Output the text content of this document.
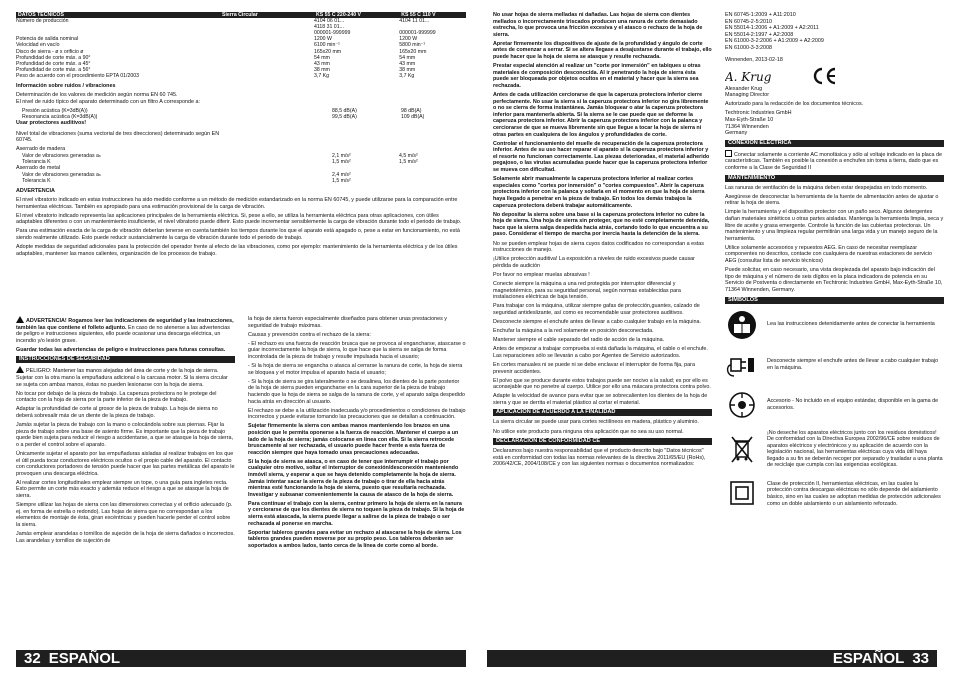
DATOS TÉCNICOS	Sierra Circular	KS 55 C 220-240 V	KS 55 C 110 V
Número de producción		4104 06 01...	4104 11 01...
		4118 31 01...	
		000001-999999	000001-999999
Potencia de salida nominal		1200 W	1200 W
Velocidad en vacío		6100 min⁻¹	5800 min⁻¹
Disco de sierra - ø x orificio ø		165x20 mm	165x20 mm
Profundidad de corte máx. a 90°		54 mm	54 mm
Profundidad de corte máx. a 45°		43 mm	43 mm
Profundidad de corte máx. a 56°		38 mm	38 mm
Peso de acuerdo con el procedimiento EPTA 01/2003		3,7 Kg	3,7 Kg

Información sobre ruidos / vibraciones

Determinación de los valores de medición según norma EN 60 745.
El nivel de ruido típico del aparato determinado con un filtro A corresponde a:

Presión acústica (K=3dB(A))		88,5 dB(A)	98 dB(A)
Resonancia acústica (K=3dB(A))		99,5 dB(A)	109 dB(A)

Usar protectores auditivos!

Nivel total de vibraciones (suma vectorial de tres direcciones) determinado según EN 60745.

Aserrado de madera

Valor de vibraciones generadas aₕ		2,1 m/s²	4,5 m/s²
Tolerancia K		1,5 m/s²	1,5 m/s²

Aserrado de metal

Valor de vibraciones generadas aₕ		2,4 m/s²	
Tolerancia K		1,5 m/s²	

ADVERTENCIA

El nivel vibratorio indicado en estas instrucciones ha sido medido conforme a un método de medición estandarizado en la norma EN 60745, y puede utilizarse para la comparación entre herramientas eléctricas. También es apropiado para una estimación provisional de la carga de vibración.

El nivel vibratorio indicado representa las aplicaciones principales de la herramienta eléctrica. Si, pese a ello, se utiliza la herramienta eléctrica para otras aplicaciones, con útiles adaptables diferentes o con un mantenimiento insuficiente, el nivel vibratorio puede diferir. Esto puede incrementar sensiblemente la carga de vibración durante todo el periodo de trabajo.

Para una estimación exacta de la carga de vibración deberían tenerse en cuenta también los tiempos durante los que el aparato está apagado o, pese a estar en funcionamiento, no está siendo realmente utilizado. Esto puede reducir sustancialmente la carga de vibración durante todo el periodo de trabajo.

Adopte medidas de seguridad adicionales para la protección del operador frente al efecto de las vibraciones, como por ejemplo: mantenimiento de la herramienta eléctrica y de los útiles adaptables, mantener las manos calientes, organización de los procesos de trabajo.

ADVERTENCIA! Rogamos leer las indicaciones de seguridad y las instrucciones, también las que contiene el folleto adjunto. En caso de no atenerse a las advertencias de peligro e instrucciones siguientes, ello puede ocasionar una descarga eléctrica, un incendio y/o lesión grave.

Guardar todas las advertencias de peligro e instrucciones para futuras consultas.

INSTRUCCIONES DE SEGURIDAD

PELIGRO: Mantener las manos alejadas del área de corte y de la hoja de sierra. Sujetar con la otra mano la empuñadura adicional o la carcasa motor. Si la sierra circular se sujeta con ambas manos, éstas no pueden lesionarse con la hoja de sierra.

No tocar por debajo de la pieza de trabajo. La caperuza protectora no le protege del contacto con la hoja de sierra por la parte inferior de la pieza de trabajo.

Adaptar la profundidad de corte al grosor de la pieza de trabajo. La hoja de sierra no deberá sobresalir más de un diente de la pieza de trabajo.

Jamás sujetar la pieza de trabajo con la mano o colocándola sobre sus piernas. Fijar la pieza de trabajo sobre una base de asiento firme. Es importante que la pieza de trabajo quede bien sujeta para reducir el riesgo a accidentarse, a que se atasque la hoja de sierra, o a perder el control sobre el aparato.

Únicamente sujetar el aparato por las empuñaduras aisladas al realizar trabajos en los que el útil pueda tocar conductores eléctricos ocultos o el propio cable del aparato. El contacto con conductores portadores de tensión puede hacer que las partes metálicas del aparato le provoquen una descarga eléctrica.

Al realizar cortes longitudinales emplear siempre un tope, o una guía para ingletes recta. Esto permite un corte más exacto y además reduce el riesgo a que se atasque la hoja de sierra.

Siempre utilizar las hojas de sierra con las dimensiones correctas y el orificio adecuado (p. ej. en forma de estrella o redondo). Las hojas de sierra que no correspondan a los elementos de montaje de ésta, giran excéntricas y pueden hacerle perder el control sobre la sierra.

Jamás emplear arandelas o tornillos de sujeción de la hoja de sierra dañados o incorrectos. Las arandelas y tornillos de sujeción de

la hoja de sierra fueron especialmente diseñados para obtener unas prestaciones y seguridad de trabajo máximas.

Causas y prevención contra el rechazo de la sierra:

- El rechazo es una fuerza de reacción brusca que se provoca al engancharse, atascarse o guiar incorrectamente la hoja de sierra, lo que hace que la sierra se salga de forma incontrolada de la pieza de trabajo y resulte impulsada hacia el usuario;

- Si la hoja de sierra se engancha o atasca al cerrarse la ranura de corte, la hoja de sierra se bloquea y el motor impulsa el aparato hacia el usuario;

- Si la hoja de sierra se gira lateralmente o se desalinea, los dientes de la parte posterior de la hoja de sierra pueden engancharse en la cara superior de la pieza de trabajo haciendo que la hoja de sierra se salga de la ranura de corte, y el aparato salga despedido hacia atrás en dirección al usuario.

El rechazo se debe a la utilización inadecuada y/o procedimientos o condiciones de trabajo incorrectos y puede evitarse tomando las precauciones que se detallan a continuación.

Sujetar firmemente la sierra con ambas manos manteniendo los brazos en una posición que le permita oponerse a la fuerza de reacción. Mantener el cuerpo a un lado de la hoja de sierra; jamás colocarse en línea con ella. Si la sierra retrocede bruscamente al ser rechazada, el usuario puede hacer frente a esta fuerza de reacción siempre que haya tomado unas precauciones adecuadas.

Si la hoja de sierra se atasca, o en caso de tener que interrumpir el trabajo por cualquier otro motivo, soltar el interruptor de conexión/desconexión manteniendo inmóvil sierra, y esperar a que se haya detenido completamente la hoja de sierra. Jamás intentar sacar la sierra de la pieza de trabajo o tirar de ella hacia atrás mientras esté funcionando la hoja de sierra, puesto que resultaría rechazada. Investigar y subsanar convenientemente la causa de atasco de la hoja de sierra.

Para continuar el trabajo con la sierra, centrar primero la hoja de sierra en la ranura y cerciorarse de que los dientes de sierra no toquen la pieza de trabajo. Si la hoja de sierra está atascada, la sierra puede llegar a salirse de la pieza de trabajo o ser rechazada al ponerse en marcha.

Soportar tableros grandes para evitar un rechazo al atascarse la hoja de sierra. Los tableros grandes pueden moverse por su propio peso. Los tableros deberán ser soportados a ambos lados, tanto cerca de la línea de corte como al borde.

32 ESPAÑOL

No usar hojas de sierra melladas ni dañadas. Las hojas de sierra con dientes mellados o incorrectamente triscados producen una ranura de corte demasiado estrecha, lo que provoca una fricción excesiva y el atasco o rechazo de la hoja de sierra.

Apretar firmemente los dispositivos de ajuste de la profundidad y ángulo de corte antes de comenzar a serrar. Si se altera llegase a desajustarse durante el trabajo, ello puede hacer que la hoja de sierra se atasque y resulte rechazada.

Prestar especial atención al realizar un "corte por inmersión" en tabiques u otras materiales de composición desconocida. Al ir penetrando la hoja de sierra ésta puede ser bloqueada por objetos ocultos en el material y hacer que la sierra sea rechazada.

Antes de cada utilización cerciorarse de que la caperuza protectora inferior cierre perfectamente. No usar la sierra si la caperuza protectora inferior no gira libremente o no se cierra de forma instantánea. Jamás bloquear o atar la caperuza protectora inferior para mantenerla abierta. Si la sierra se le cae puede que se deforme la caperuza protectora inferior. Abrir la caperuza protectora inferior con la palanca y cerciorarse de que se mueva libremente sin que llegue a tocar la hoja de sierra ni otras partes en cualquiera de los ángulos y profundidades de corte.

Controlar el funcionamiento del muelle de recuperación de la caperuza protectora inferior. Antes de su uso hacer reparar el aparato si la caperuza protectora inferior y el resorte no funcionan correctamente. Las piezas deterioradas, el material adherido pegajoso, o las virutas acumuladas puede hacer que la caperuza protectora inferior se mueva con dificultad.

Solamente abrir manualmente la caperuza protectora inferior al realizar cortes especiales como "cortes por inmersión" o "cortes compuestos". Abrir la caperuza protectora inferior con la palanca y soltarla en el momento en que la hoja de sierra haya llegado a penetrar en la pieza de trabajo. En todos los demás trabajos la caperuza protectora deberá trabajar automáticamente.

No depositar la sierra sobre una base si la caperuza protectora inferior no cubre la hoja de sierra. Una hoja de sierra sin proteger, que no esté completamente detenida, hace que la sierra salga despedida hacia atrás, cortando todo lo que encuentra a su paso. Considerar el tiempo de marcha por inercia hasta la detención de la sierra.

No se pueden emplear hojas de sierra cuyos datos codificados no correspondan a estas instrucciones de manejo.

¡Utilice protección auditiva! La exposición a niveles de ruido excesivos puede causar pérdida de audición

Por favor no emplear muelas abrasivas !

Conecte siempre la máquina a una red protegida por interruptor diferencial y magnetotérmico, para su seguridad personal, según normas establecidas para instalaciones eléctricas de baja tensión.

Para trabajar con la máquina, utilizar siempre gafas de protección,guantes, calzado de seguridad antideslizante, así como es recomendable usar protectores auditivos.

Desconecte siempre el enchufe antes de llevar a cabo cualquier trabajo en la máquina.

Enchufar la máquina a la red solamente en posición desconectada.

Mantener siempre el cable separado del radio de acción de la máquina.

Antes de empezar a trabajar comprueba si está dañada la máquina, el cable o el enchufe. Las reparaciones sólo se llevarán a cabo por Agentes de Servicio autorizados.

En cortes manuales ni se puede ni se debe enclavar el interruptor de forma fija, para prevenir accidentes.

El polvo que se produce durante estos trabajos puede ser nocivo a la salud; es por ello es aconsejable que no penetre al cuerpo. Utilice por ello una máscara protectora contra polvo.

Adapte la velocidad de avance para evitar que se sobrecalienten los dientes de la hoja de sierra y que se derrita el material plástico al cortar el material.

APLICACIÓN DE ACUERDO A LA FINALIDAD

La sierra circular se puede usar para cortes rectilíneos en madera, plástico y aluminio.

No utilice este producto para ninguna otra aplicación que no sea su uso normal.

DECLARACION DE CONFORMIDAD CE

Declaramos bajo nuestra responsabilidad que el producto descrito bajo "Datos técnicos" está en conformidad con todas las normas relevantes de la directiva 2011/65/EU (RoHs), 2006/42/CE, 2004/108/CE y con las siguientes normas o documentos normalizados:

EN 60745-1:2009 + A11:2010
EN 60745-2-5:2010
EN 55014-1:2006 + A1:2009 + A2:2011
EN 55014-2:1997 + A2:2008
EN 61000-3-2:2006 + A1:2009 + A2:2009
EN 61000-3-3:2008

Winnenden, 2013-02-18

A. Krug

Alexander Krug

Managing Director

Autorizado para la redacción de los documentos técnicos.

Techtronic Industries GmbH

Max-Eyth-Straße 10

71364 Winnenden

Germany

CONEXIÓN ELÉCTRICA

Conectar solamente a corriente AC monofásica y sólo al voltaje indicado en la placa de características. También es posible la conexión a enchufes sin toma a tierra, dado que es conforme a la Clase de Seguridad II

MANTENIMIENTO

Las ranuras de ventilación de la máquina deben estar despejadas en todo momento.

Asegúrese de desconectar la herramienta de la fuente de alimentación antes de ajustar o retirar la hoja de sierra.

Limpie la herramienta y el dispositivo protector con un paño seco. Algunos detergentes dañan materiales sintéticos u otras partes aisladas. Mantenga la herramienta limpia, seca y libre de aceite y grasa emergente. Controle la función de las cubiertas protectoras. Un mantenimiento y una limpieza regular permitirán una larga vida y un manejo seguro de la herramienta.

Utilice solamente accesorios y repuestos AEG. En caso de necesitar reemplazar componentes no descritos, contacte con cualquiera de nuestras estaciones de servicio AEG (consultar lista de servicio técnicos)

Puede solicitar, en caso necesario, una vista despiezada del aparato bajo indicación del tipo de máquina y el número de seis dígitos en la placa indicadora de potencia en su Servicio de Postventa o directamente en Techtronic Industries GmbH, Max-Eyth-Straße 10, 71364 Winnenden, Germany.

SÍMBOLOS
Lea las instrucciones detenidamente antes de conectar la herramienta
Desconecte siempre el enchufe antes de llevar a cabo cualquier trabajo en la máquina.
Accesorio - No incluido en el equipo estándar, disponible en la gama de accesorios.
¡No deseche los aparatos eléctricos junto con los residuos domésticos! De conformidad con la Directiva Europea 2002/96/CE sobre residuos de aparatos eléctricos y electrónicos y su aplicación de acuerdo con la legislación nacional, las herramientas eléctricas cuya vida útil haya llegado a su fin se deberán recoger por separado y trasladar a una planta de reciclaje que cumpla con las exigencias ecológicas.
Clase de protección II, herramientas eléctricas, en las cuales la protección contra descargas eléctricas no sólo depende del aislamiento básico, sino en las cuales se adoptan medidas de protección adicionales como un doble aislamiento o un aislamiento reforzado.
ESPAÑOL 33
